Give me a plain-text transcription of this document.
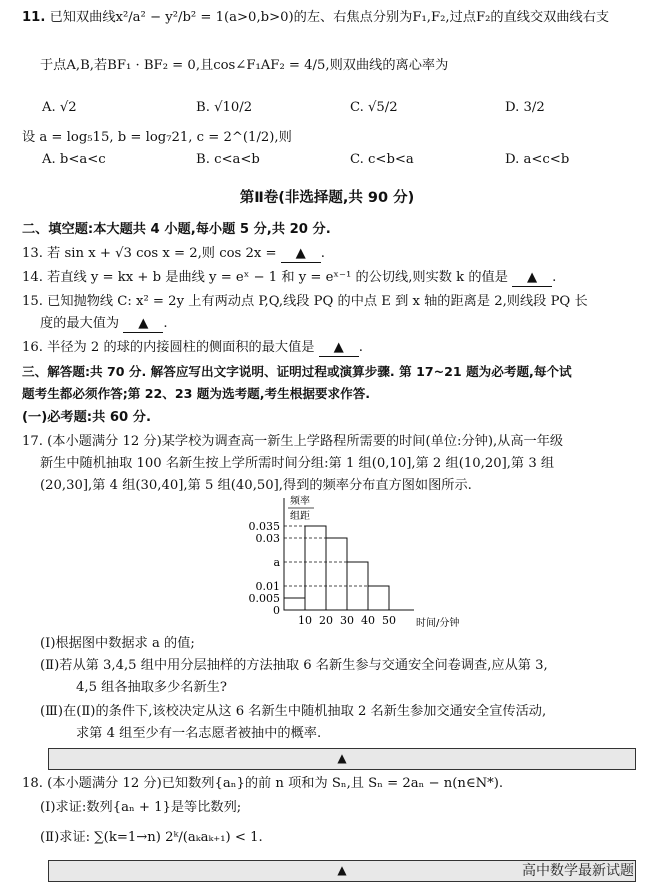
11. 已知双曲线x²/a² − y²/b² = 1(a>0,b>0)的左、右焦点分别为F₁,F₂,过点F₂的直线交双曲线右支
于点A,B,若BF₁ · BF₂ = 0,且cos∠F₁AF₂ = 4/5,则双曲线的离心率为
A. √2	B. √10/2	C. √5/2	D. 3/2
设 a = log₅15, b = log₇21, c = 2^(1/2),则
A. b<a<c	B. c<a<b	C. c<b<a	D. a<c<b
第Ⅱ卷(非选择题,共 90 分)
二、填空题:本大题共 4 小题,每小题 5 分,共 20 分.
13. 若 sin x + √3 cos x = 2,则 cos 2x = ▲ .
14. 若直线 y = kx + b 是曲线 y = eˣ − 1 和 y = eˣ⁻¹ 的公切线,则实数 k 的值是 ▲ .
15. 已知抛物线 C: x² = 2y 上有两动点 P,Q,线段 PQ 的中点 E 到 x 轴的距离是 2,则线段 PQ 长
度的最大值为 ▲ .
16. 半径为 2 的球的内接圆柱的侧面积的最大值是 ▲ .
三、解答题:共 70 分. 解答应写出文字说明、证明过程或演算步骤. 第 17~21 题为必考题,每个试
题考生都必须作答;第 22、23 题为选考题,考生根据要求作答.
(一)必考题:共 60 分.
17. (本小题满分 12 分)某学校为调查高一新生上学路程所需要的时间(单位:分钟),从高一年级
新生中随机抽取 100 名新生按上学所需时间分组:第 1 组(0,10],第 2 组(10,20],第 3 组
(20,30],第 4 组(30,40],第 5 组(40,50],得到的频率分布直方图如图所示.
0.005
0.035
0.03
a
0.01
0
10 20 30 40 50 时间/分钟
频率
组距
(Ⅰ)根据图中数据求 a 的值;
(Ⅱ)若从第 3,4,5 组中用分层抽样的方法抽取 6 名新生参与交通安全问卷调查,应从第 3,
4,5 组各抽取多少名新生?
(Ⅲ)在(Ⅱ)的条件下,该校决定从这 6 名新生中随机抽取 2 名新生参加交通安全宣传活动,
求第 4 组至少有一名志愿者被抽中的概率.
▲
18. (本小题满分 12 分)已知数列{aₙ}的前 n 项和为 Sₙ,且 Sₙ = 2aₙ − n(n∈N*).
(Ⅰ)求证:数列{aₙ + 1}是等比数列;
(Ⅱ)求证: ∑(k=1→n) 2ᵏ/(aₖaₖ₊₁) < 1.
▲	高中数学最新试题
